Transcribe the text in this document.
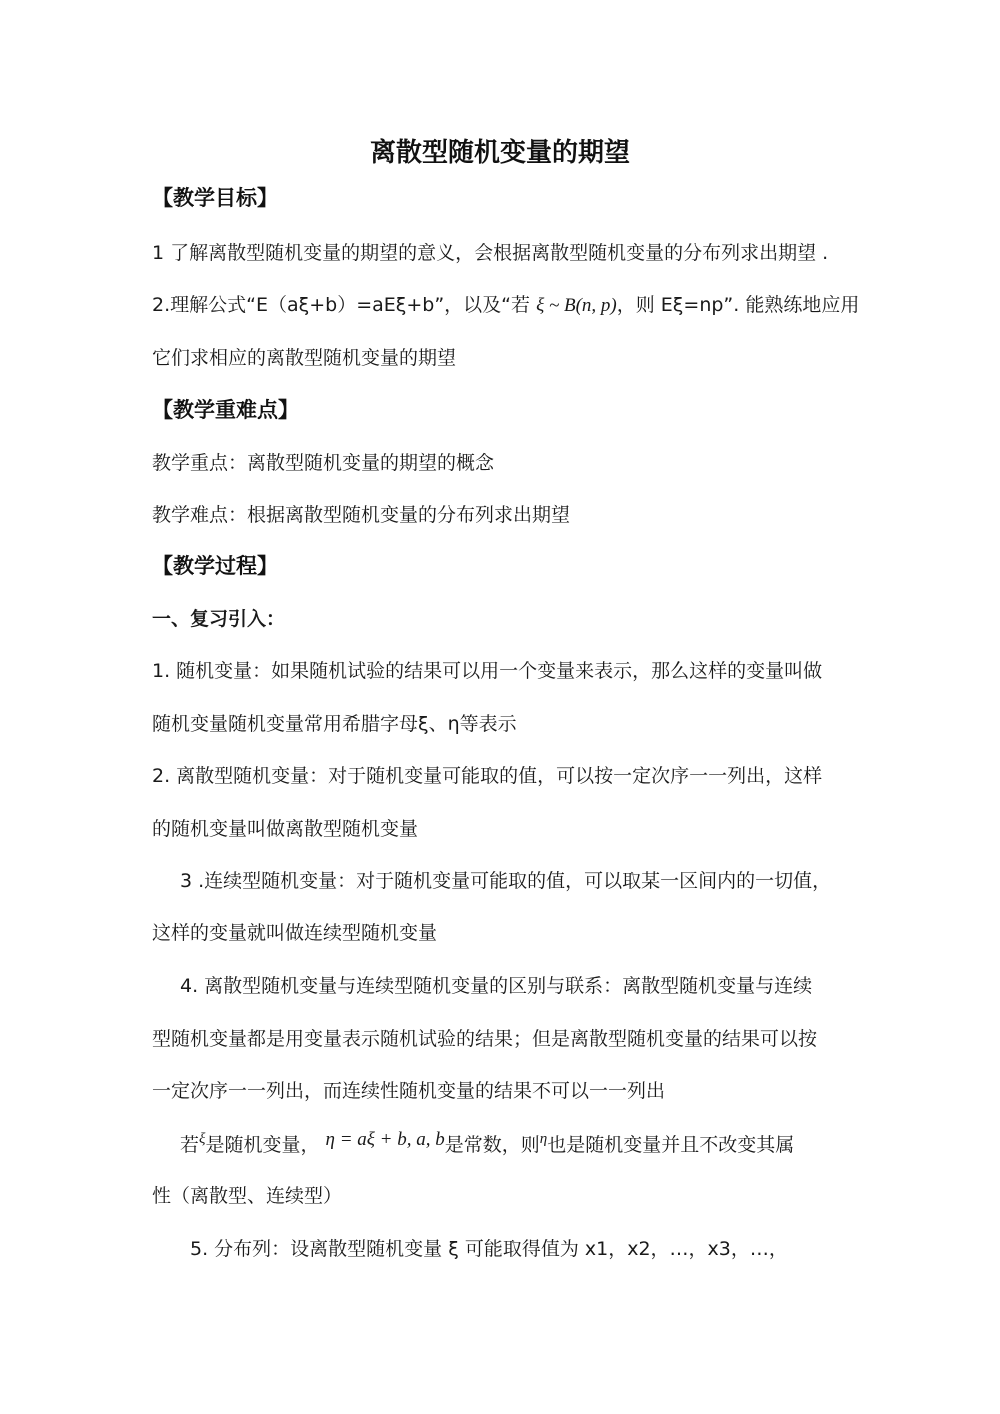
离散型随机变量的期望
【教学目标】
1 了解离散型随机变量的期望的意义，会根据离散型随机变量的分布列求出期望 .
2.理解公式“E（aξ+b）=aEξ+b”，以及“若 ξ ~ B(n, p)，则 Eξ=np”. 能熟练地应用
它们求相应的离散型随机变量的期望
【教学重难点】
教学重点：离散型随机变量的期望的概念
教学难点：根据离散型随机变量的分布列求出期望
【教学过程】
一、复习引入：
1. 随机变量：如果随机试验的结果可以用一个变量来表示，那么这样的变量叫做
随机变量随机变量常用希腊字母ξ、η等表示
2. 离散型随机变量：对于随机变量可能取的值，可以按一定次序一一列出，这样
的随机变量叫做离散型随机变量
3 .连续型随机变量：对于随机变量可能取的值，可以取某一区间内的一切值，
这样的变量就叫做连续型随机变量
4. 离散型随机变量与连续型随机变量的区别与联系：离散型随机变量与连续
型随机变量都是用变量表示随机试验的结果；但是离散型随机变量的结果可以按
一定次序一一列出，而连续性随机变量的结果不可以一一列出
若$^\xi$是随机变量， η = aξ + b, a, b是常数，则$^\eta$也是随机变量并且不改变其属
性（离散型、连续型）
5. 分布列：设离散型随机变量 ξ 可能取得值为 x1，x2，…，x3，…，
